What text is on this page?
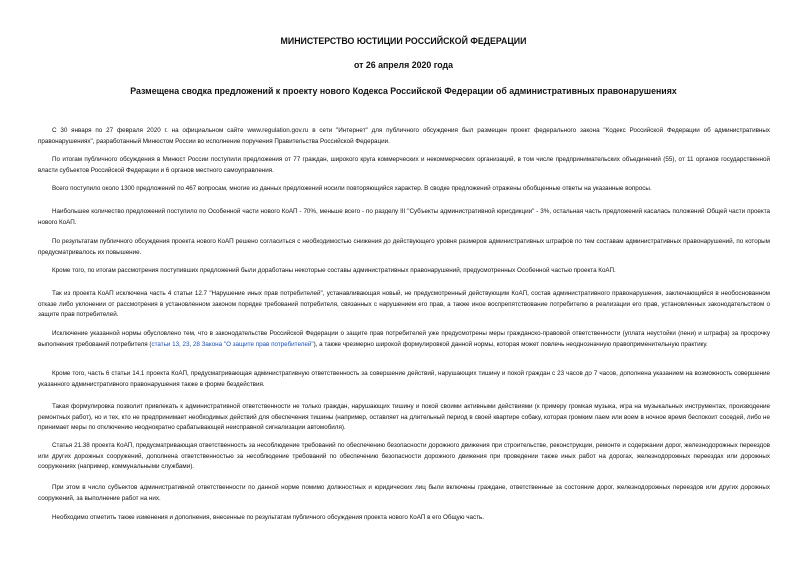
МИНИСТЕРСТВО ЮСТИЦИИ РОССИЙСКОЙ ФЕДЕРАЦИИ
от 26 апреля 2020 года
Размещена сводка предложений к проекту нового Кодекса Российской Федерации об административных правонарушениях
С 30 января по 27 февраля 2020 г. на официальном сайте www.regulation.gov.ru в сети "Интернет" для публичного обсуждения был размещен проект федерального закона "Кодекс Российской Федерации об административных правонарушениях", разработанный Минюстом России во исполнение поручения Правительства Российской Федерации.
По итогам публичного обсуждения в Минюст России поступили предложения от 77 граждан, широкого круга коммерческих и некоммерческих организаций, в том числе предпринимательских объединений (55), от 11 органов государственной власти субъектов Российской Федерации и 6 органов местного самоуправления.
Всего поступило около 1300 предложений по 467 вопросам, многие из данных предложений носили повторяющийся характер. В сводке предложений отражены обобщенные ответы на указанные вопросы.
Наибольшее количество предложений поступило по Особенной части нового КоАП - 70%, меньше всего - по разделу III "Субъекты административной юрисдикции" - 3%, остальная часть предложений касалась положений Общей части проекта нового КоАП.
По результатам публичного обсуждения проекта нового КоАП решено согласиться с необходимостью снижения до действующего уровня размеров административных штрафов по тем составам административных правонарушений, по которым предусматривалось их повышение.
Кроме того, по итогам рассмотрения поступивших предложений были доработаны некоторые составы административных правонарушений, предусмотренных Особенной частью проекта КоАП.
Так из проекта КоАП исключена часть 4 статьи 12.7 "Нарушение иных прав потребителей", устанавливающая новый, не предусмотренный действующим КоАП, состав административного правонарушения, заключающийся в необоснованном отказе либо уклонении от рассмотрения в установленном законом порядке требований потребителя, связанных с нарушением его прав, а также иное воспрепятствование потребителю в реализации его прав, установленных законодательством о защите прав потребителей.
Исключение указанной нормы обусловлено тем, что в законодательстве Российской Федерации о защите прав потребителей уже предусмотрены меры гражданско-правовой ответственности (уплата неустойки (пени) и штрафа) за просрочку выполнения требований потребителя (статьи 13, 23, 28 Закона "О защите прав потребителей"), а также чрезмерно широкой формулировкой данной нормы, которая может повлечь неоднозначную правоприменительную практику.
Кроме того, часть 6 статьи 14.1 проекта КоАП, предусматривающая административную ответственность за совершение действий, нарушающих тишину и покой граждан с 23 часов до 7 часов, дополнена указанием на возможность совершение указанного административного правонарушения также в форме бездействия.
Такая формулировка позволит привлекать к административной ответственности не только граждан, нарушающих тишину и покой своими активными действиями (к примеру громкая музыка, игра на музыкальных инструментах, производение ремонтных работ), но и тех, кто не предпринимает необходимых действий для обеспечения тишины (например, оставляет на длительный период в своей квартире собаку, которая громким лаем или воем в ночное время беспокоит соседей, либо не принимает меры по отключению неоднократно срабатывающей неисправной сигнализации автомобиля).
Статья 21.38 проекта КоАП, предусматривающая ответственность за несоблюдение требований по обеспечению безопасности дорожного движения при строительстве, реконструкции, ремонте и содержании дорог, железнодорожных переездов или других дорожных сооружений, дополнена ответственностью за несоблюдение требований по обеспечению безопасности дорожного движения при проведении также иных работ на дорогах, железнодорожных переездах или дорожных сооружениях (например, коммунальными службами).
При этом в число субъектов административной ответственности по данной норме помимо должностных и юридических лиц были включены граждане, ответственные за состояние дорог, железнодорожных переездов или других дорожных сооружений, за выполнение работ на них.
Необходимо отметить также изменения и дополнения, внесенные по результатам публичного обсуждения проекта нового КоАП в его Общую часть.
